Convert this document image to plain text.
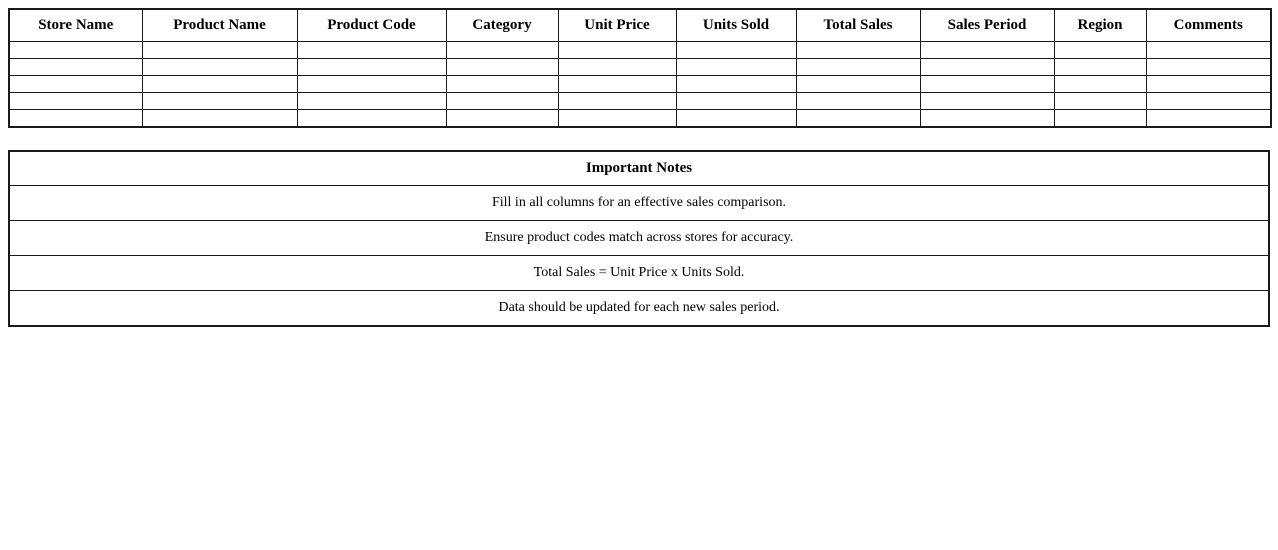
Store Name	Product Name	Product Code	Category	Unit Price	Units Sold	Total Sales	Sales Period	Region	Comments

Important Notes
Fill in all columns for an effective sales comparison.
Ensure product codes match across stores for accuracy.
Total Sales = Unit Price x Units Sold.
Data should be updated for each new sales period.
